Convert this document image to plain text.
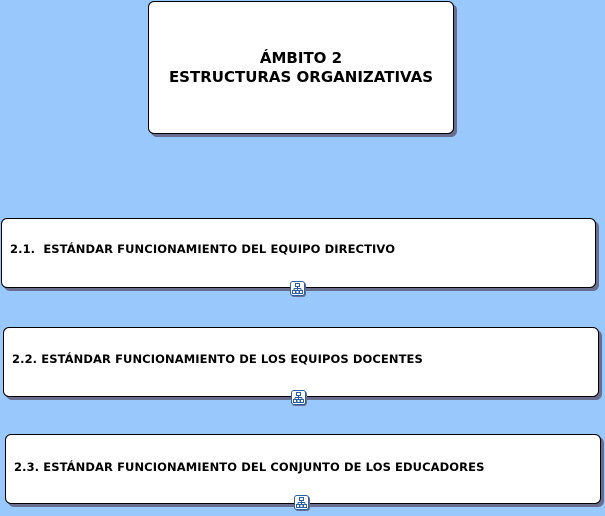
ÁMBITO 2
ESTRUCTURAS ORGANIZATIVAS
2.1.  ESTÁNDAR FUNCIONAMIENTO DEL EQUIPO DIRECTIVO
2.2. ESTÁNDAR FUNCIONAMIENTO DE LOS EQUIPOS DOCENTES
2.3. ESTÁNDAR FUNCIONAMIENTO DEL CONJUNTO DE LOS EDUCADORES
